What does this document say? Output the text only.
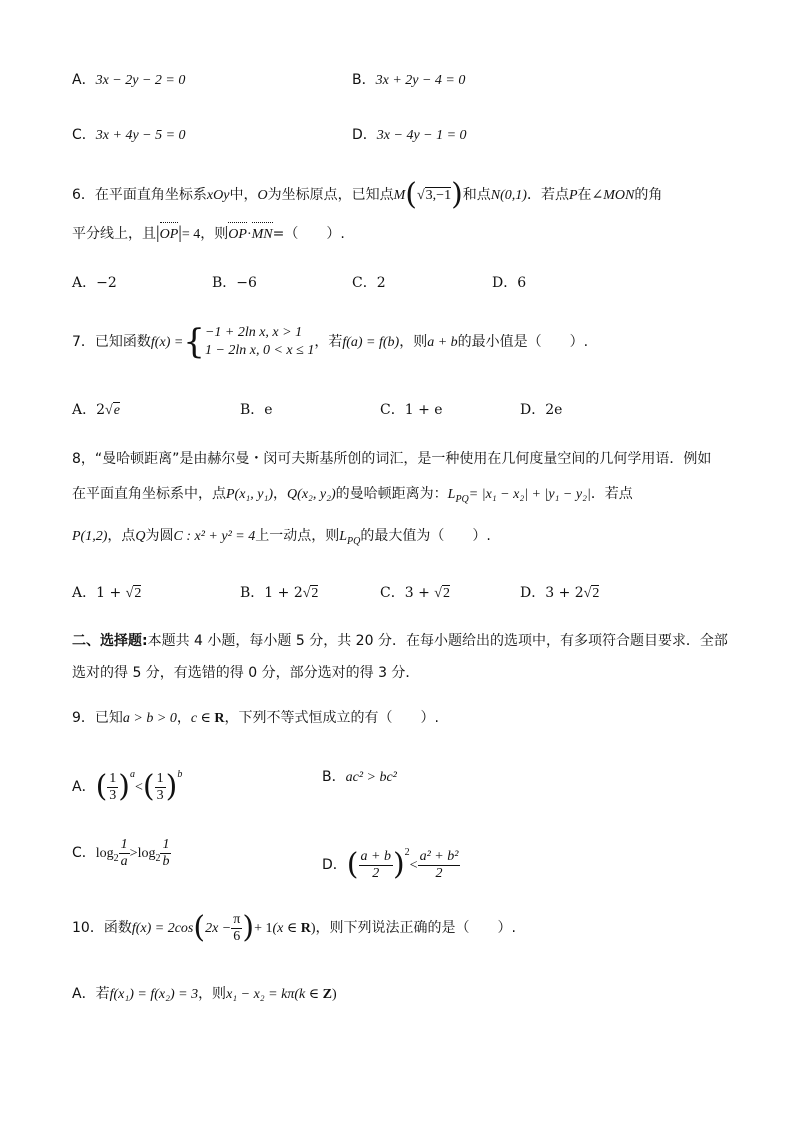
A．3x − 2y − 2 = 0	B．3x + 2y − 4 = 0
C．3x + 4y − 5 = 0	D．3x − 4y − 1 = 0
6．在平面直角坐标系xOy中，O为坐标原点，已知点M(√3,−1)和点N(0,1)．若点P在∠MON的角
平分线上，且|OP|= 4，则OP·MN=（　　）.
A．−2	B．−6	C．2	D．6
7．已知函数f(x) ={ −1 + 2ln x, x > 1
1 − 2ln x, 0 < x ≤ 1
，若f(a) = f(b)，则a + b的最小值是（　　）.
A．2√e	B．e	C．1 + e	D．2e
8，“曼哈顿距离”是由赫尔曼・闵可夫斯基所创的词汇，是一种使用在几何度量空间的几何学用语．例如
在平面直角坐标系中，点P(x₁, y₁)，Q(x₂, y₂)的曼哈顿距离为：$L_{PQ}= |x_1 - x_2| + |y_1 - y_2|$．若点
P(1,2)，点Q为圆C : x² + y² = 4上一动点，则$L_{PQ}$的最大值为（　　）.
A．1 + √2	B．1 + 2√2	C．3 + √2	D．3 + 2√2
二、选择题:本题共 4 小题，每小题 5 分，共 20 分．在每小题给出的选项中，有多项符合题目要求．全部
选对的得 5 分，有选错的得 0 分，部分选对的得 3 分．
9．已知a > b > 0，c ∈ R，下列不等式恒成立的有（　　）.
A．( $\frac{1}{3} )^a<( \frac{1}{3} )^b$	B．ac² > bc²
C．$\log_2 \frac{1}{a} >\log_2 \frac{1}{b}$	D．( $\frac{a + b}{2} )^2< \frac{\text{a² + b²}}{2}$
10．函数$f(x) = 2\cos(2x - \frac{\pi}{6}$ )+ 1(x ∈ R)，则下列说法正确的是（　　）.
A．若f(x₁) = f(x₂) = 3，则x₁ − x₂ = kπ(k ∈ Z)
